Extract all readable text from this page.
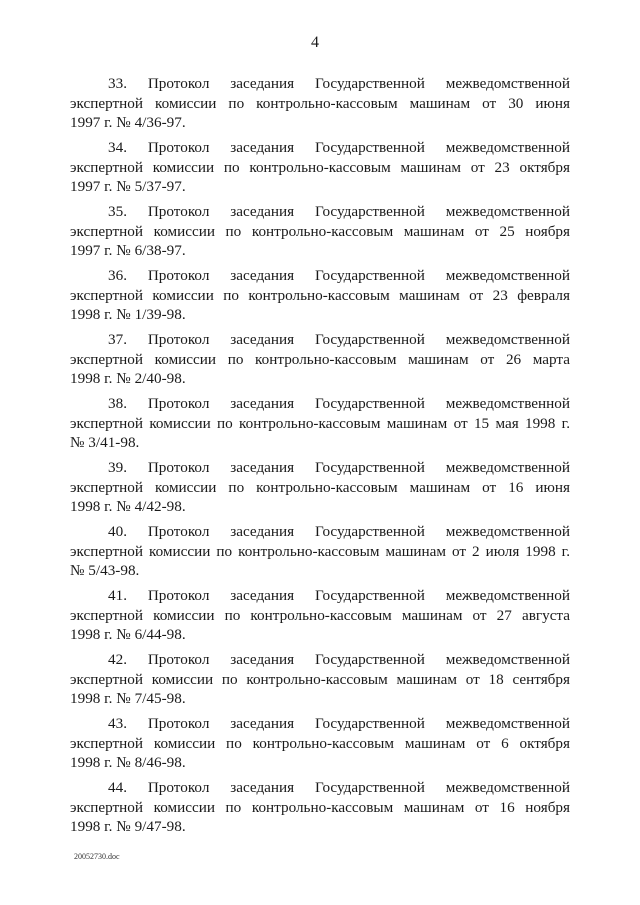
4

33. Протокол заседания Государственной межведомственной
экспертной комиссии по контрольно-кассовым машинам от 30 июня
1997 г. № 4/36-97.

34. Протокол заседания Государственной межведомственной
экспертной комиссии по контрольно-кассовым машинам от 23 октября
1997 г. № 5/37-97.

35. Протокол заседания Государственной межведомственной
экспертной комиссии по контрольно-кассовым машинам от 25 ноября
1997 г. № 6/38-97.

36. Протокол заседания Государственной межведомственной
экспертной комиссии по контрольно-кассовым машинам от 23 февраля
1998 г. № 1/39-98.

37. Протокол заседания Государственной межведомственной
экспертной комиссии по контрольно-кассовым машинам от 26 марта
1998 г. № 2/40-98.

38. Протокол заседания Государственной межведомственной
экспертной комиссии по контрольно-кассовым машинам от 15 мая 1998 г.
№ 3/41-98.

39. Протокол заседания Государственной межведомственной
экспертной комиссии по контрольно-кассовым машинам от 16 июня
1998 г. № 4/42-98.

40. Протокол заседания Государственной межведомственной
экспертной комиссии по контрольно-кассовым машинам от 2 июля 1998 г.
№ 5/43-98.

41. Протокол заседания Государственной межведомственной
экспертной комиссии по контрольно-кассовым машинам от 27 августа
1998 г. № 6/44-98.

42. Протокол заседания Государственной межведомственной
экспертной комиссии по контрольно-кассовым машинам от 18 сентября
1998 г. № 7/45-98.

43. Протокол заседания Государственной межведомственной
экспертной комиссии по контрольно-кассовым машинам от 6 октября
1998 г. № 8/46-98.

44. Протокол заседания Государственной межведомственной
экспертной комиссии по контрольно-кассовым машинам от 16 ноября
1998 г. № 9/47-98.

20052730.doc
